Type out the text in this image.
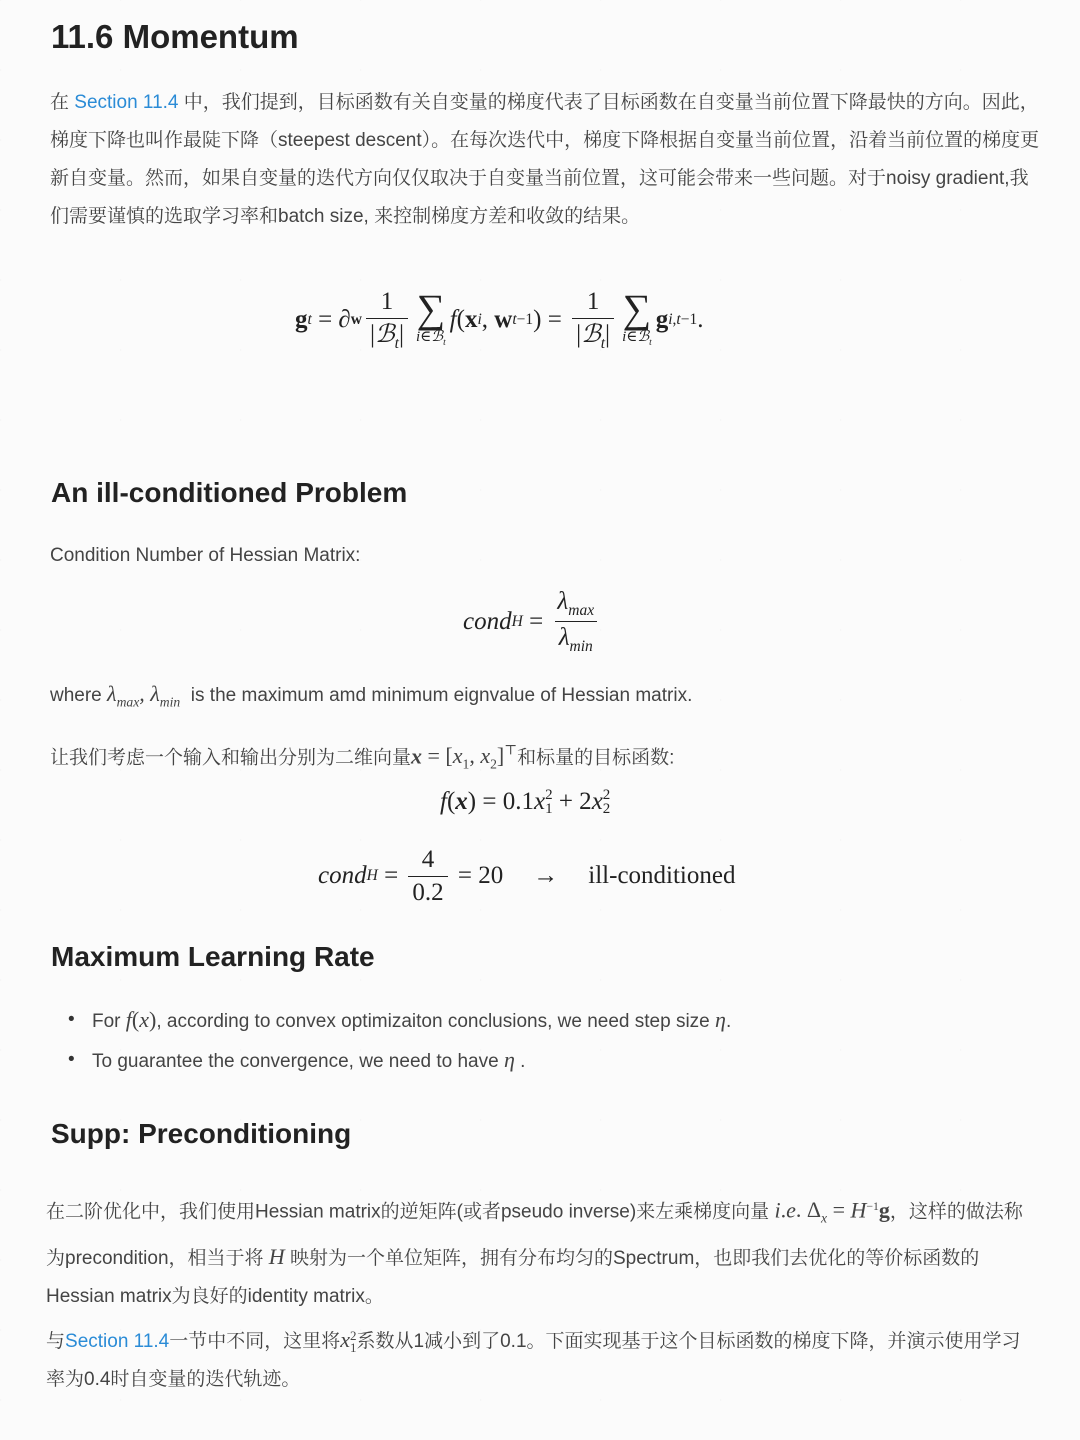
11.6 Momentum

在 Section 11.4 中，我们提到，目标函数有关自变量的梯度代表了目标函数在自变量当前位置下降最快的方向。因此，梯度下降也叫作最陡下降（steepest descent）。在每次迭代中，梯度下降根据自变量当前位置，沿着当前位置的梯度更新自变量。然而，如果自变量的迭代方向仅仅取决于自变量当前位置，这可能会带来一些问题。对于noisy gradient,我们需要谨慎的选取学习率和batch size, 来控制梯度方差和收敛的结果。

g t = ∂ w $\frac{1}{|ℬ_t|}$ ∑
i∈ℬ$_t$
f ( x i , w t−1 ) = $\frac{1}{|ℬ_t|}$ ∑
i∈ℬ$_t$
g i,t−1 .
An ill-conditioned Problem

Condition Number of Hessian Matrix:

cond $H = \frac{\lambda_{max}}{\lambda_{min}}$

where $\lambda_{max}$, $\lambda_{min}$  is the maximum amd minimum eignvalue of Hessian matrix.

让我们考虑一个输入和输出分别为二维向量$x = [x_1$, $x_2]^⊤$和标量的目标函数:

f ( x ) = 0.1 x 2
1 + 2 x 2
2
cond $H = \frac{4}{0.2} = 20$ → ill-conditioned
Maximum Learning Rate
• For f(x), according to convex optimizaiton conclusions, we need step size η.
• To guarantee the convergence, we need to have η .
Supp: Preconditioning

在二阶优化中，我们使用Hessian matrix的逆矩阵(或者pseudo inverse)来左乘梯度向量 i.e. $\Delta_x = H^{-1}g$，这样的做法称为precondition，相当于将 H 映射为一个单位矩阵，拥有分布均匀的Spectrum，也即我们去优化的等价标函数的Hessian matrix为良好的identity matrix。

与Section 11.4一节中不同，这里将x 2
1 系数从1减小到了0.1。下面实现基于这个目标函数的梯度下降，并演示使用学习率为0.4时自变量的迭代轨迹。
